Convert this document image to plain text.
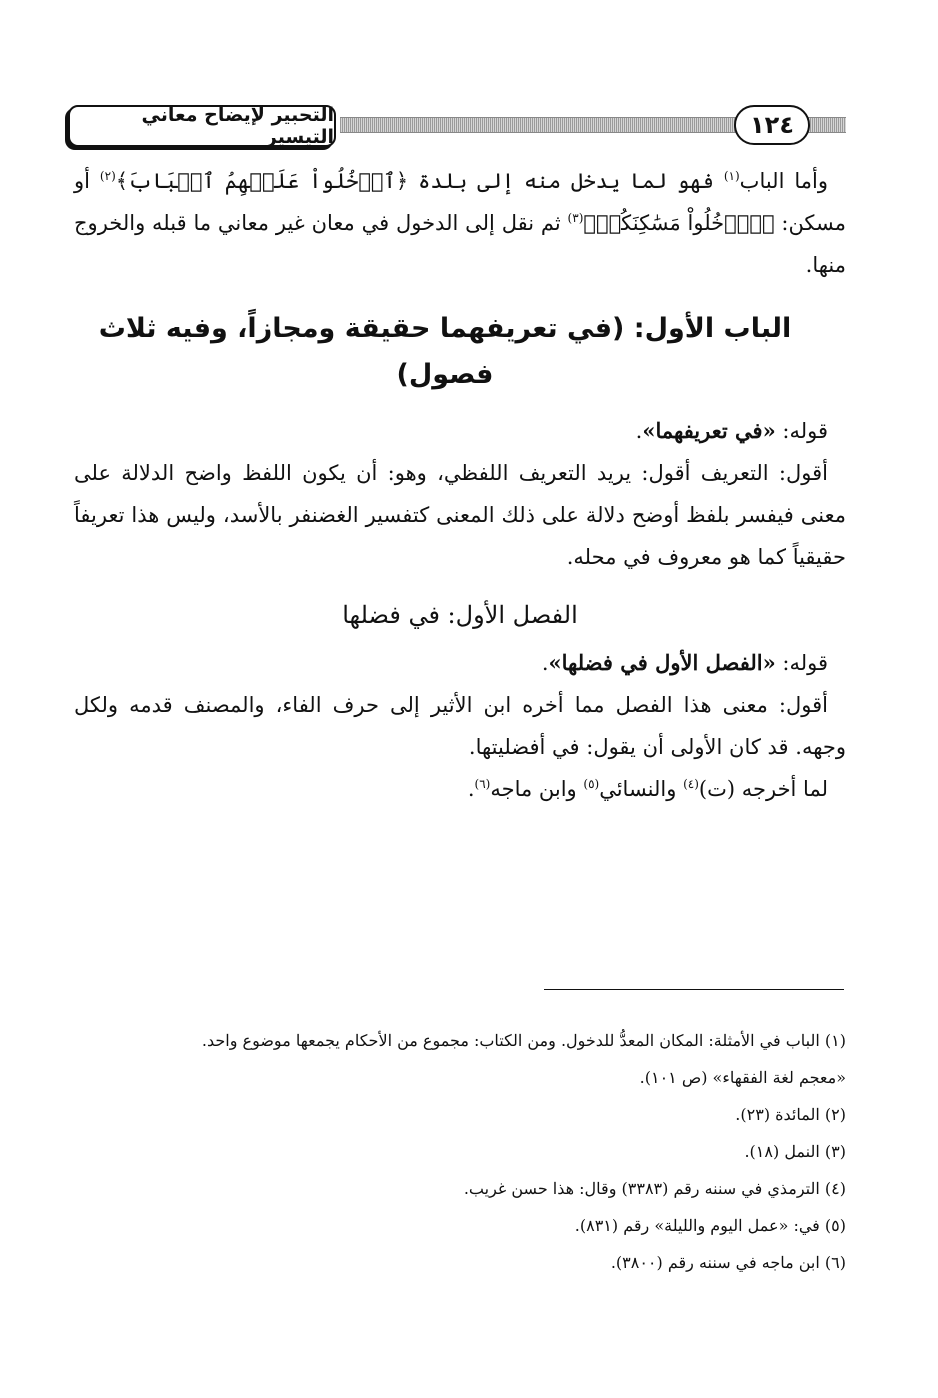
التحبير لإيضاح معاني التيسير	١٢٤

وأما الباب$^{(١)}$ فهو لما يدخل منه إلى بلدة ﴿ٱدۡخُلُواْ عَلَيۡهِمُ ٱلۡبَابَ﴾$^{(٢)}$ أو مسكن: ﴿ٱدۡخُلُواْ مَسَٰكِنَكُمۡ﴾$^{(٣)}$ ثم نقل إلى الدخول في معان غير معاني ما قبله والخروج منها.

الباب الأول: (في تعريفهما حقيقة ومجازاً، وفيه ثلاث فصول)

قوله: «في تعريفهما».

أقول: التعريف أقول: يريد التعريف اللفظي، وهو: أن يكون اللفظ واضح الدلالة على معنى فيفسر بلفظ أوضح دلالة على ذلك المعنى كتفسير الغضنفر بالأسد، وليس هذا تعريفاً حقيقياً كما هو معروف في محله.

الفصل الأول: في فضلها

قوله: «الفصل الأول في فضلها».

أقول: معنى هذا الفصل مما أخره ابن الأثير إلى حرف الفاء، والمصنف قدمه ولكل وجهه. قد كان الأولى أن يقول: في أفضليتها.

لما أخرجه (ت)$^{(٤)}$ والنسائي$^{(٥)}$ وابن ماجه$^{(٦)}$.

(١) الباب في الأمثلة: المكان المعدُّ للدخول. ومن الكتاب: مجموع من الأحكام يجمعها موضوع واحد.

«معجم لغة الفقهاء» (ص ١٠١).

(٢) المائدة (٢٣).

(٣) النمل (١٨).

(٤) الترمذي في سننه رقم (٣٣٨٣) وقال: هذا حسن غريب.

(٥) في: «عمل اليوم والليلة» رقم (٨٣١).

(٦) ابن ماجه في سننه رقم (٣٨٠٠).
